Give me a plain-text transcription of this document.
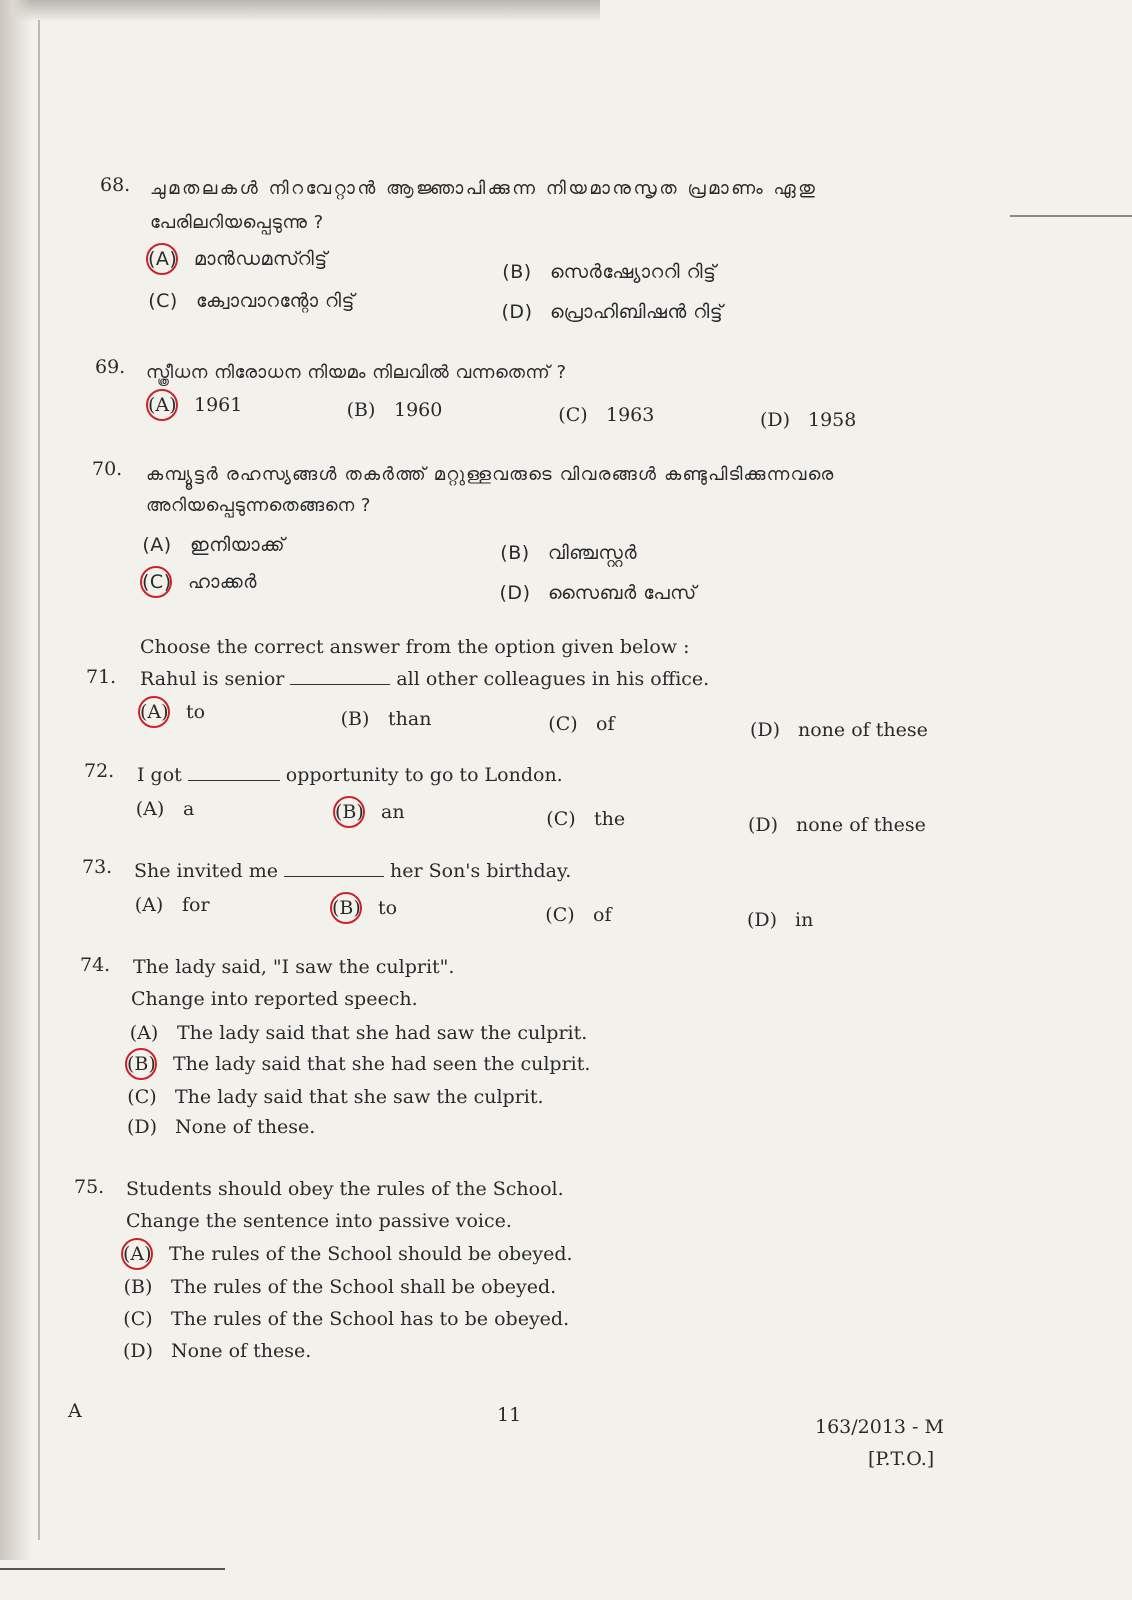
68. ചുമതലകൾ നിറവേറ്റാൻ ആജ്ഞാപിക്കുന്ന നിയമാനുസൃത പ്രമാണം ഏതു
പേരിലറിയപ്പെടുന്നു ?
(A) മാൻഡമസ്റിട്ട്
(B) സെർഷ്യോററി റിട്ട്
(C) ക്വോവാറന്റോ റിട്ട്	(D) പ്രൊഹിബിഷൻ റിട്ട്
69. സ്ത്രീധന നിരോധന നിയമം നിലവിൽ വന്നതെന്ന് ?
(A) 1961	(B) 1960	(C) 1963	(D) 1958
70. കമ്പ്യൂട്ടർ രഹസ്യങ്ങൾ തകർത്ത് മറ്റുള്ളവരുടെ വിവരങ്ങൾ കണ്ടുപിടിക്കുന്നവരെ
അറിയപ്പെടുന്നതെങ്ങനെ ?
(A) ഇനിയാക്ക്	(B) വിഞ്ചസ്റ്റർ
(C) ഹാക്കർ	(D) സൈബർ പേസ്
Choose the correct answer from the option given below :
71. Rahul is senior	all other colleagues in his office.
(A) to	(B) than	(C) of	(D) none of these
72. I got	opportunity to go to London.
(A) a	(B) an	(C) the	(D) none of these
73. She invited me	her Son's birthday.
(A) for	(B) to	(C) of	(D) in
74. The lady said, "I saw the culprit".
Change into reported speech.
(A) The lady said that she had saw the culprit.
(B) The lady said that she had seen the culprit.
(C) The lady said that she saw the culprit.
(D) None of these.
75. Students should obey the rules of the School.
Change the sentence into passive voice.
(A) The rules of the School should be obeyed.
(B) The rules of the School shall be obeyed.
(C) The rules of the School has to be obeyed.
(D) None of these.
A	11
163/2013 - M
[P.T.O.]
